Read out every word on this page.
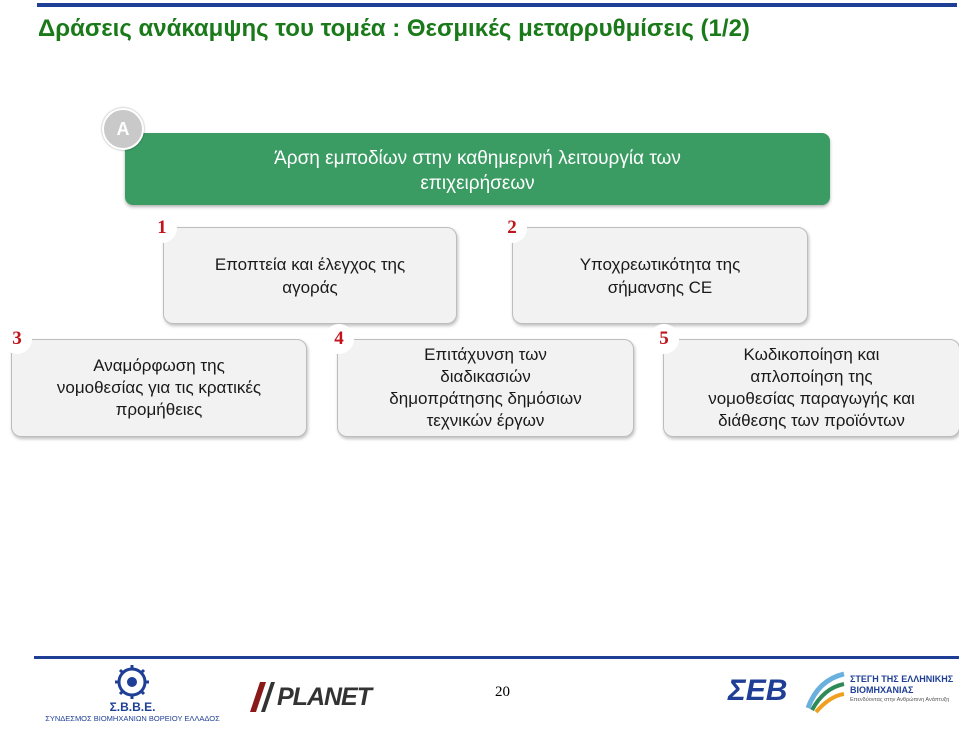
Δράσεις ανάκαμψης του τομέα : Θεσμικές μεταρρυθμίσεις (1/2)
Άρση εμποδίων στην καθημερινή λειτουργία των
επιχειρήσεων
A
Εποπτεία και έλεγχος της
αγοράς
1
Υποχρεωτικότητα της
σήμανσης CE
2
Αναμόρφωση της
νομοθεσίας για τις κρατικές
προμήθειες
3
Επιτάχυνση των
διαδικασιών
δημοπράτησης δημόσιων
τεχνικών έργων
4
Κωδικοποίηση και
απλοποίηση της
νομοθεσίας παραγωγής και
διάθεσης των προϊόντων
5
20
Σ.Β.Β.Ε.
ΣΥΝΔΕΣΜΟΣ ΒΙΟΜΗΧΑΝΙΩΝ ΒΟΡΕΙΟΥ ΕΛΛΑΔΟΣ
PLANET	ΣΕΒ	ΣΤΕΓΗ ΤΗΣ ΕΛΛΗΝΙΚΗΣ
ΒΙΟΜΗΧΑΝΙΑΣ
Επενδύοντας στην Ανθρώπινη Ανάπτυξη
